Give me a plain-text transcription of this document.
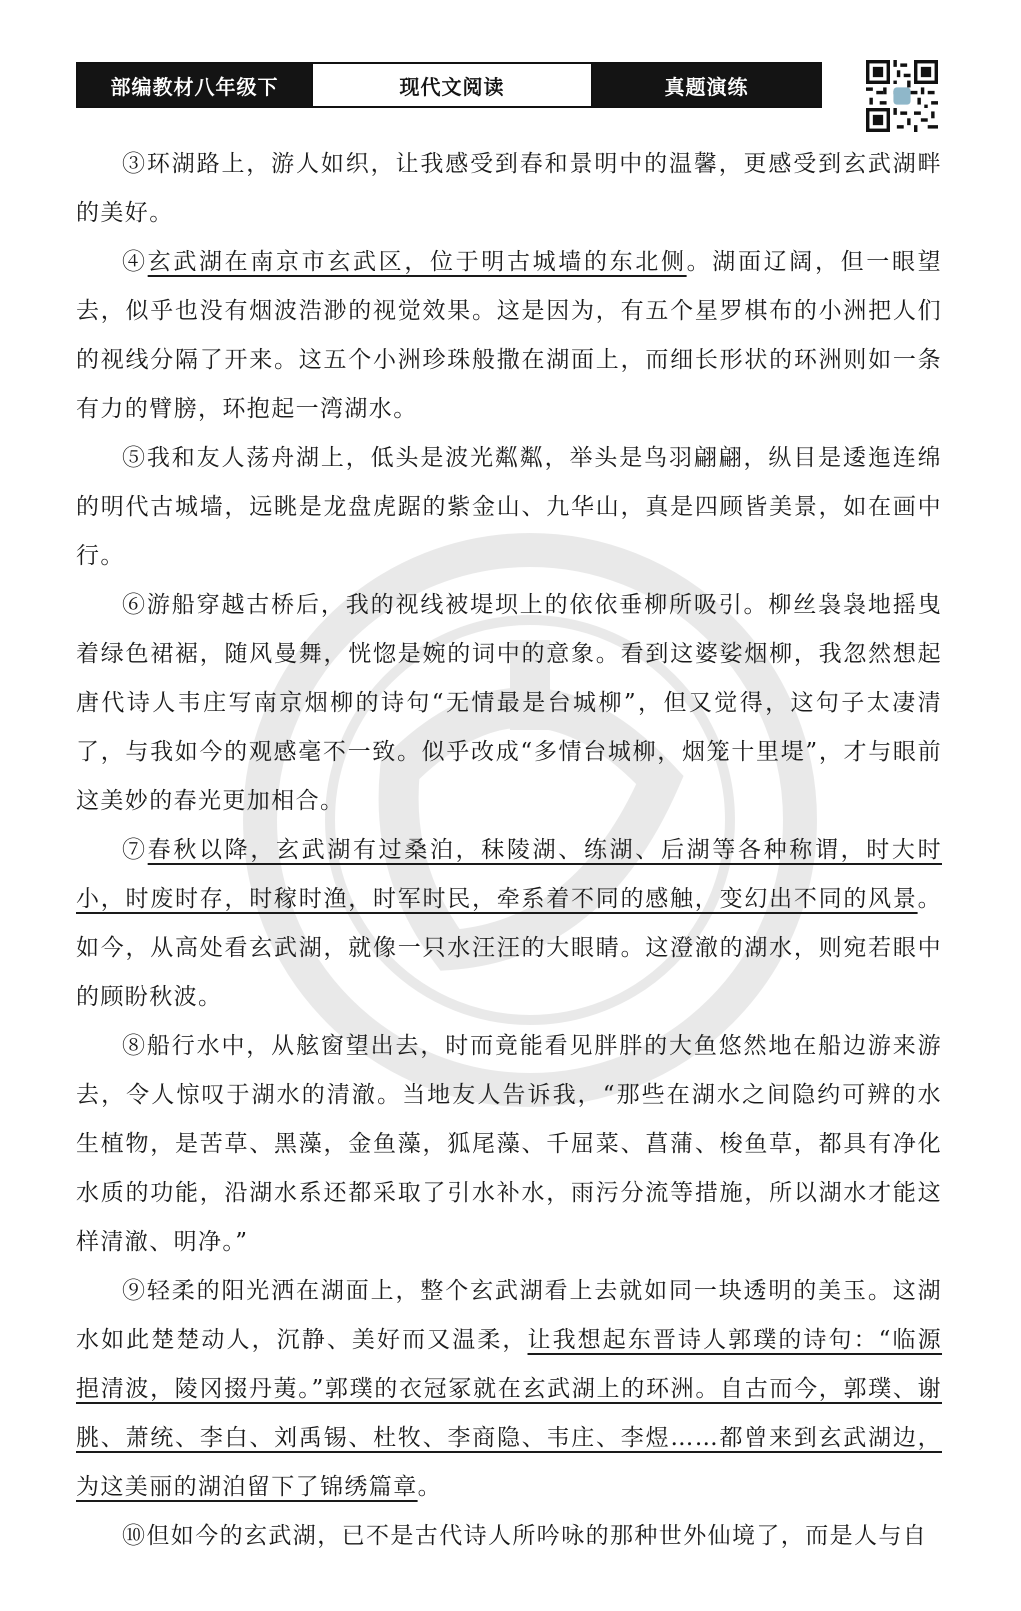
部编教材八年级下	现代文阅读	真题演练

③环湖路上，游人如织，让我感受到春和景明中的温馨，更感受到玄武湖畔的美好。

④玄武湖在南京市玄武区，位于明古城墙的东北侧。湖面辽阔，但一眼望去，似乎也没有烟波浩渺的视觉效果。这是因为，有五个星罗棋布的小洲把人们的视线分隔了开来。这五个小洲珍珠般撒在湖面上，而细长形状的环洲则如一条有力的臂膀，环抱起一湾湖水。

⑤我和友人荡舟湖上，低头是波光粼粼，举头是鸟羽翩翩，纵目是逶迤连绵的明代古城墙，远眺是龙盘虎踞的紫金山、九华山，真是四顾皆美景，如在画中行。

⑥游船穿越古桥后，我的视线被堤坝上的依依垂柳所吸引。柳丝袅袅地摇曳着绿色裙裾，随风曼舞，恍惚是婉的词中的意象。看到这婆娑烟柳，我忽然想起唐代诗人韦庄写南京烟柳的诗句“无情最是台城柳”，但又觉得，这句子太凄清了，与我如今的观感毫不一致。似乎改成“多情台城柳，烟笼十里堤”，才与眼前这美妙的春光更加相合。

⑦春秋以降，玄武湖有过桑泊，秣陵湖、练湖、后湖等各种称谓，时大时小，时废时存，时稼时渔，时军时民，牵系着不同的感触，变幻出不同的风景。如今，从高处看玄武湖，就像一只水汪汪的大眼睛。这澄澈的湖水，则宛若眼中的顾盼秋波。

⑧船行水中，从舷窗望出去，时而竟能看见胖胖的大鱼悠然地在船边游来游去，令人惊叹于湖水的清澈。当地友人告诉我，“那些在湖水之间隐约可辨的水生植物，是苦草、黑藻，金鱼藻，狐尾藻、千屈菜、菖蒲、梭鱼草，都具有净化水质的功能，沿湖水系还都采取了引水补水，雨污分流等措施，所以湖水才能这样清澈、明净。”

⑨轻柔的阳光洒在湖面上，整个玄武湖看上去就如同一块透明的美玉。这湖水如此楚楚动人，沉静、美好而又温柔，让我想起东晋诗人郭璞的诗句：“临源挹清波，陵冈掇丹荑。”郭璞的衣冠冢就在玄武湖上的环洲。自古而今，郭璞、谢朓、萧统、李白、刘禹锡、杜牧、李商隐、韦庄、李煜……都曾来到玄武湖边，为这美丽的湖泊留下了锦绣篇章。

⑩但如今的玄武湖，已不是古代诗人所吟咏的那种世外仙境了，而是人与自
